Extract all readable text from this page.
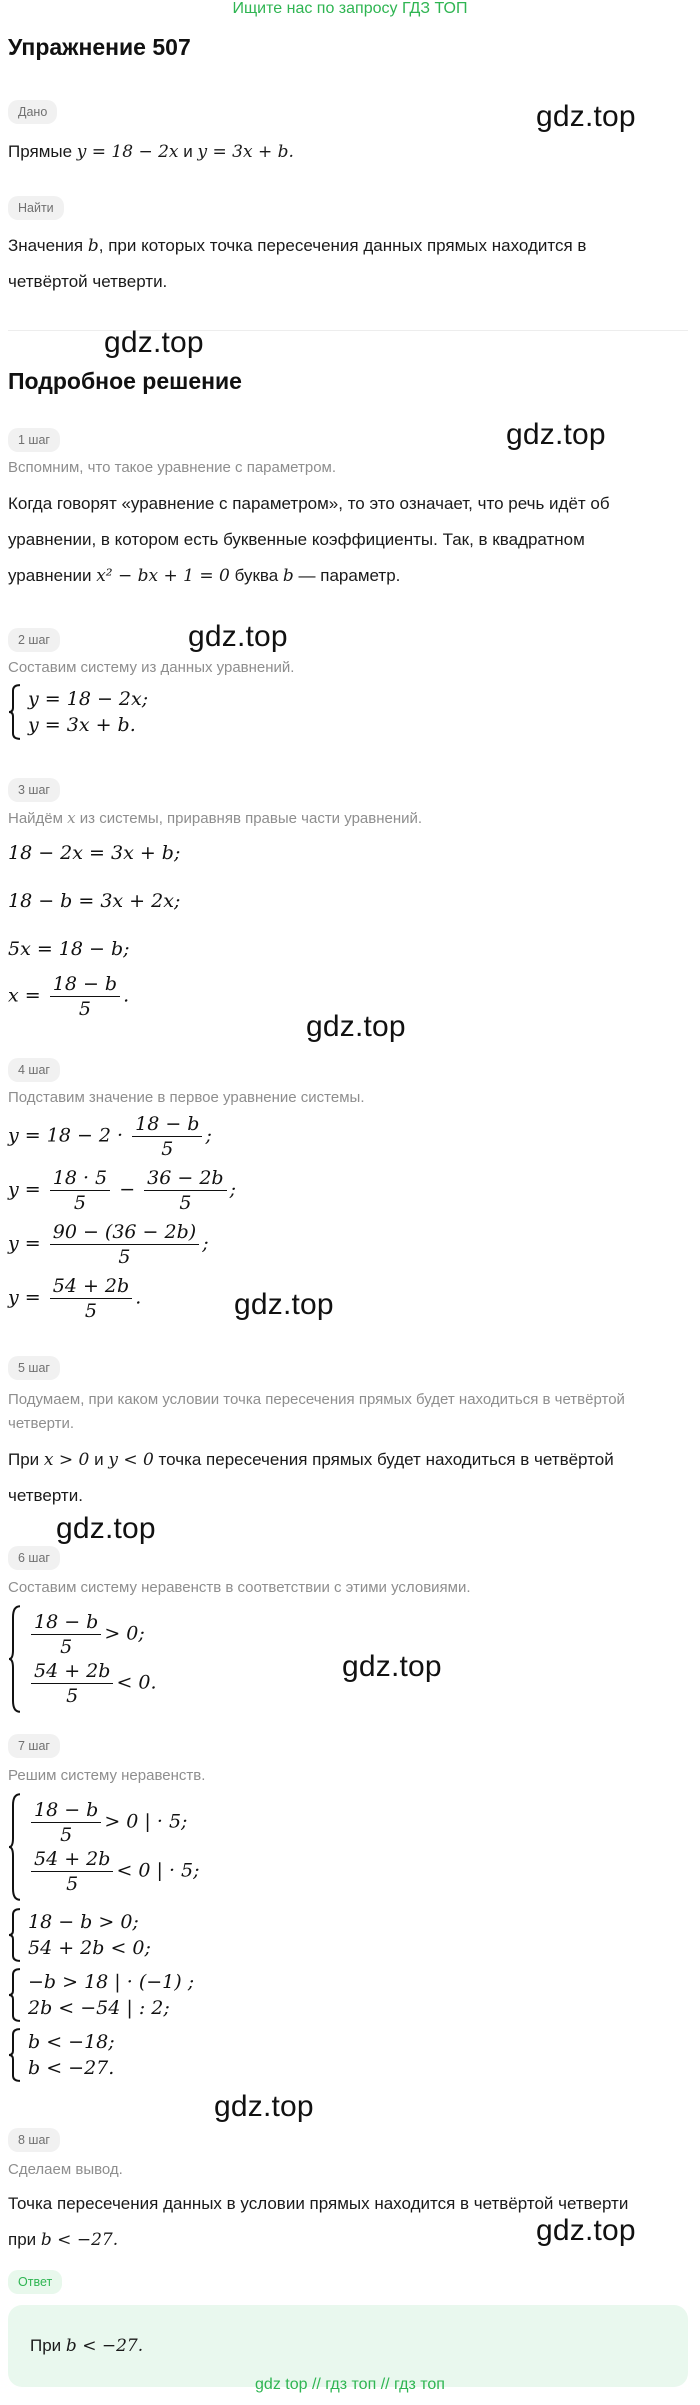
Ищите нас по запросу ГДЗ ТОП
Упражнение 507
Дано
Прямые y = 18 − 2x и y = 3x + b.
Найти
Значения b, при которых точка пересечения данных прямых находится в
четвёртой четверти.
Подробное решение
1 шаг
Вспомним, что такое уравнение с параметром.
Когда говорят «уравнение с параметром», то это означает, что речь идёт об
уравнении, в котором есть буквенные коэффициенты. Так, в квадратном
уравнении x² − bx + 1 = 0 буква b — параметр.
2 шаг
Составим систему из данных уравнений.
y = 18 − 2x;
y = 3x + b.
3 шаг
Найдём x из системы, приравняв правые части уравнений.
18 − 2x = 3x + b;
18 − b = 3x + 2x;
5x = 18 − b;
$x = \frac{18 - b}{5}$ .
4 шаг
Подставим значение в первое уравнение системы.
$y = 18 - 2 \cdot \frac{18 - b}{5}$ ;
$y = \frac{18 \cdot 5}{5} - \frac{36 - 2b}{5}$ ;
$y = \frac{90 - (36 - 2b)}{5}$ ;
$y = \frac{54 + 2b}{5}$ .
5 шаг
Подумаем, при каком условии точка пересечения прямых будет находиться в четвёртой
четверти.
При x > 0 и y < 0 точка пересечения прямых будет находиться в четвёртой
четверти.
6 шаг
Составим систему неравенств в соответствии с этими условиями.
$\frac{18 - b}{5} > 0$;
$\frac{54 + 2b}{5} < 0$.
7 шаг
Решим систему неравенств.
$\frac{18 - b}{5} > 0$ | · 5;
$\frac{54 + 2b}{5} < 0$ | · 5;
18 − b > 0;
54 + 2b < 0;
−b > 18 | · (−1) ;
2b < −54 | : 2;
b < −18;
b < −27.
8 шаг
Сделаем вывод.
Точка пересечения данных в условии прямых находится в четвёртой четверти
при b < −27.
Ответ
При b < −27.
gdz.top
gdz.top
gdz.top
gdz.top
gdz.top
gdz.top
gdz.top
gdz.top
gdz.top
gdz.top
gdz top // гдз топ // гдз топ
